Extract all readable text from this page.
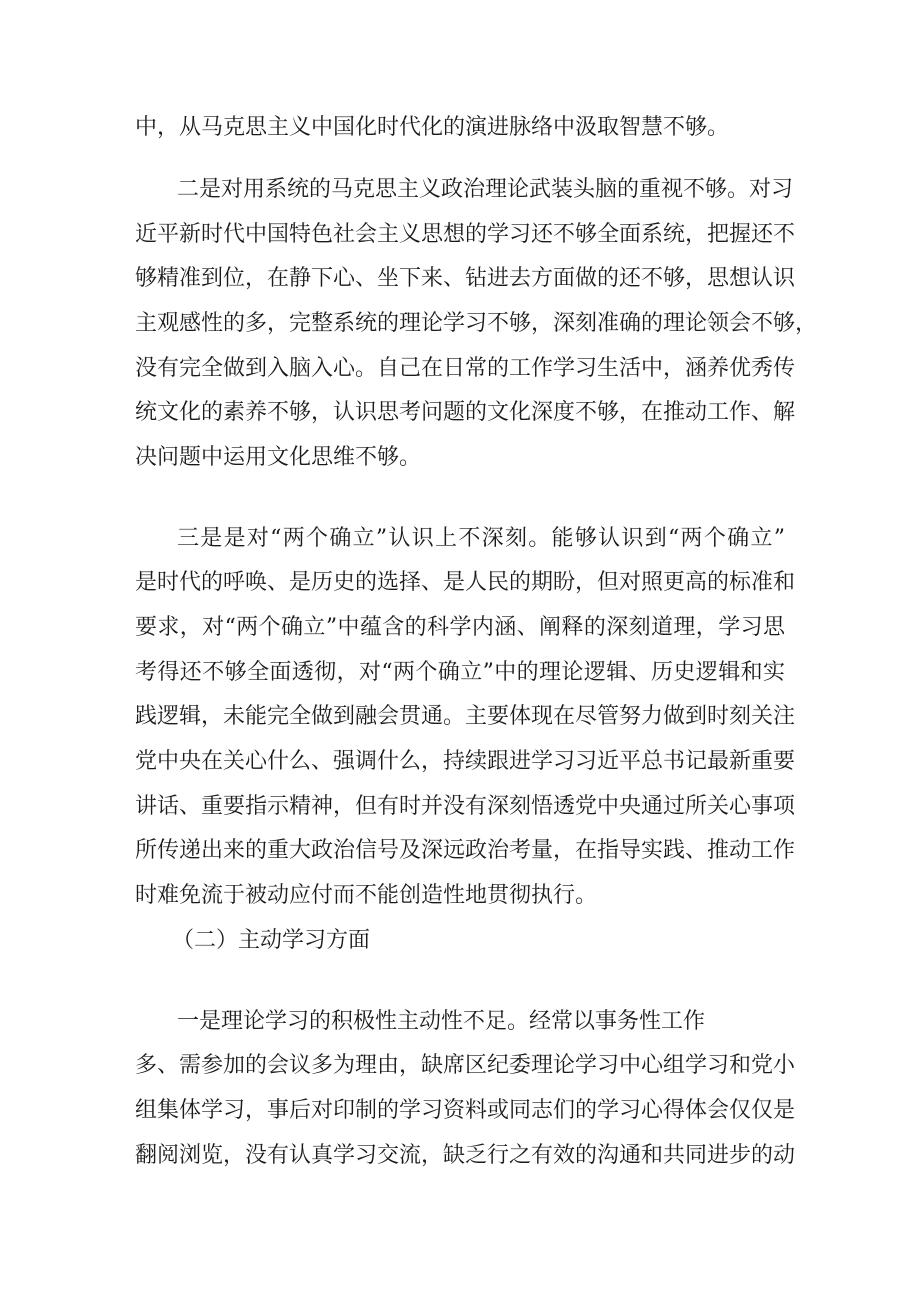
中，从马克思主义中国化时代化的演进脉络中汲取智慧不够。
二是对用系统的马克思主义政治理论武装头脑的重视不够。对习
近平新时代中国特色社会主义思想的学习还不够全面系统，把握还不
够精准到位，在静下心、坐下来、钻进去方面做的还不够，思想认识
主观感性的多，完整系统的理论学习不够，深刻准确的理论领会不够，
没有完全做到入脑入心。自己在日常的工作学习生活中，涵养优秀传
统文化的素养不够，认识思考问题的文化深度不够，在推动工作、解
决问题中运用文化思维不够。
三是是对“两个确立”认识上不深刻。能够认识到“两个确立”
是时代的呼唤、是历史的选择、是人民的期盼，但对照更高的标准和
要求，对“两个确立”中蕴含的科学内涵、阐释的深刻道理，学习思
考得还不够全面透彻，对“两个确立”中的理论逻辑、历史逻辑和实
践逻辑，未能完全做到融会贯通。主要体现在尽管努力做到时刻关注
党中央在关心什么、强调什么，持续跟进学习习近平总书记最新重要
讲话、重要指示精神，但有时并没有深刻悟透党中央通过所关心事项
所传递出来的重大政治信号及深远政治考量，在指导实践、推动工作
时难免流于被动应付而不能创造性地贯彻执行。
（二）主动学习方面
一是理论学习的积极性主动性不足。经常以事务性工作
多、需参加的会议多为理由，缺席区纪委理论学习中心组学习和党小
组集体学习，事后对印制的学习资料或同志们的学习心得体会仅仅是
翻阅浏览，没有认真学习交流，缺乏行之有效的沟通和共同进步的动
